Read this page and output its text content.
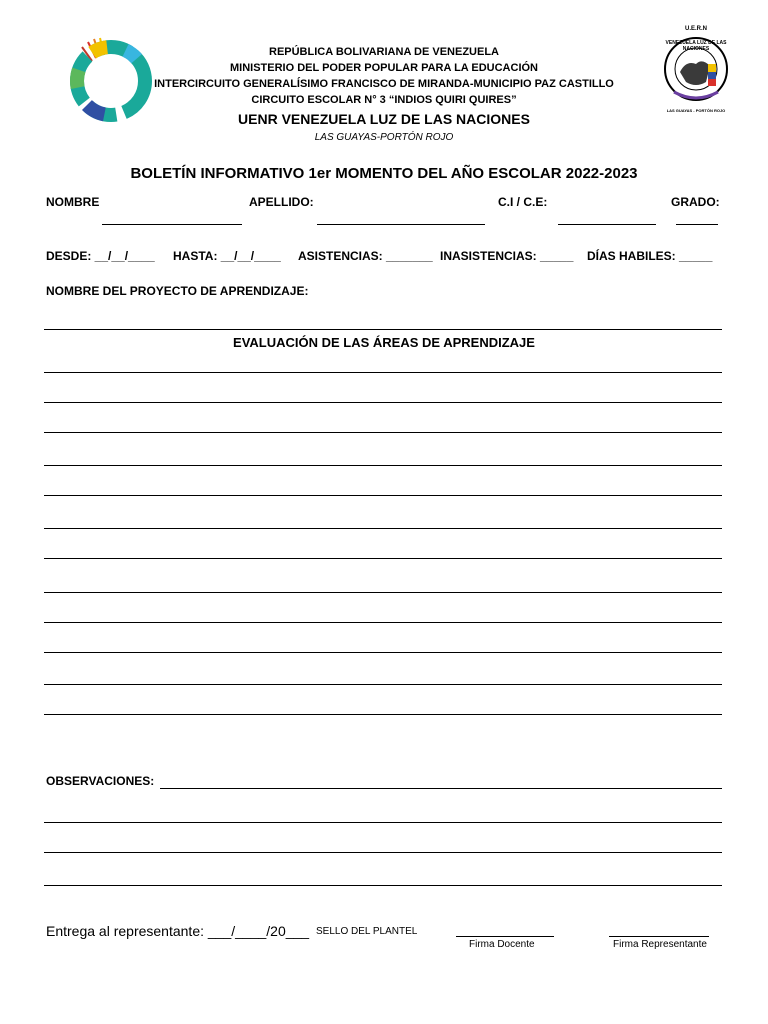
U.E.R.N
VENEZUELA LUZ DE LAS NACIONES
LAS GUAYAS - PORTÓN ROJO
REPÚBLICA BOLIVARIANA DE VENEZUELA
MINISTERIO DEL PODER POPULAR PARA LA EDUCACIÓN
INTERCIRCUITO GENERALÍSIMO FRANCISCO DE MIRANDA-MUNICIPIO PAZ CASTILLO
CIRCUITO ESCOLAR N° 3 “INDIOS QUIRI QUIRES”
UENR VENEZUELA LUZ DE LAS NACIONES
LAS GUAYAS-PORTÓN ROJO
BOLETÍN INFORMATIVO 1er MOMENTO DEL AÑO ESCOLAR 2022-2023
NOMBRE	APELLIDO:	C.I / C.E:	GRADO:
DESDE: __/__/____ HASTA: __/__/____ ASISTENCIAS: _______ INASISTENCIAS: _____ DÍAS HABILES: _____
NOMBRE DEL PROYECTO DE APRENDIZAJE:
EVALUACIÓN DE LAS ÁREAS DE APRENDIZAJE
OBSERVACIONES:
Entrega al representante: ___/____/20___ SELLO DEL PLANTEL
Firma Docente	Firma Representante
